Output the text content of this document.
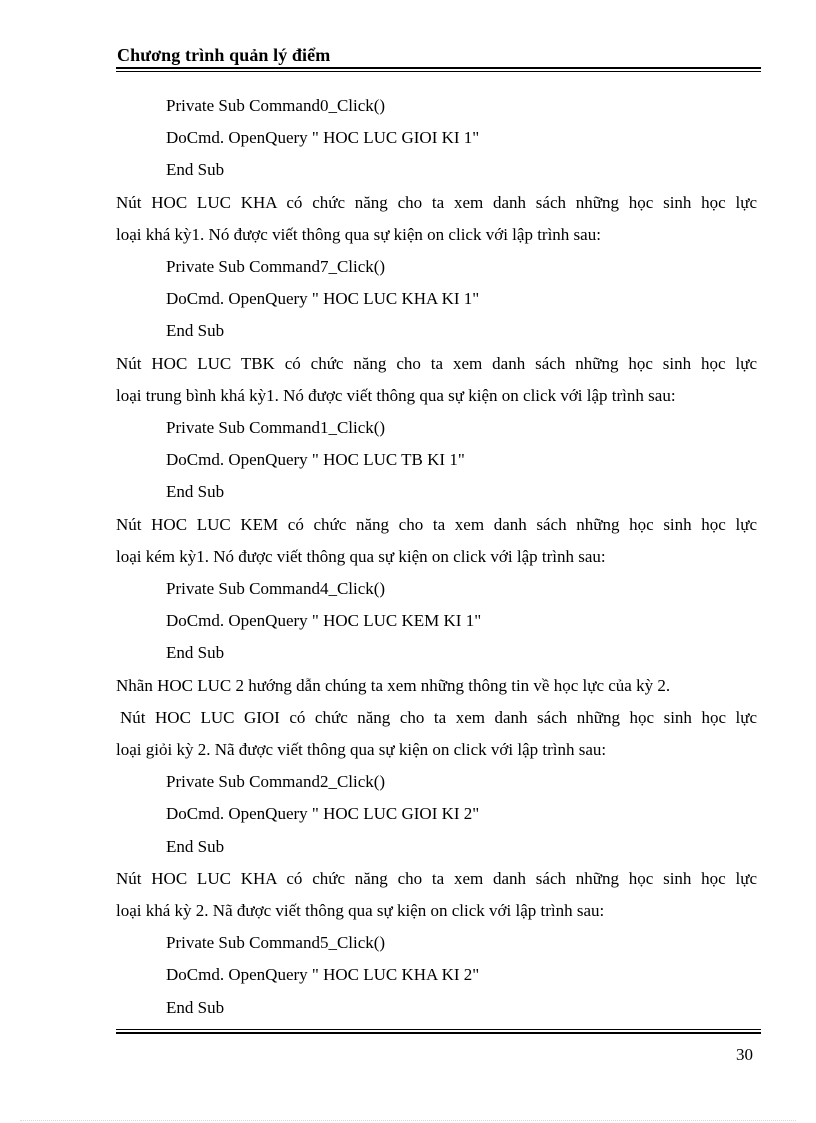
Chương trình quản lý điểm
Private Sub Command0_Click()
DoCmd. OpenQuery " HOC LUC GIOI KI 1"
End Sub
Nút HOC LUC KHA có chức năng cho ta xem danh sách những học sinh học lực
loại khá kỳ1. Nó được viết thông qua sự kiện on click với lập trình sau:
Private Sub Command7_Click()
DoCmd. OpenQuery " HOC LUC KHA KI 1"
End Sub
Nút HOC LUC TBK có chức năng cho ta xem danh sách những học sinh học lực
loại trung bình khá kỳ1. Nó được viết thông qua sự kiện on click với lập trình sau:
Private Sub Command1_Click()
DoCmd. OpenQuery " HOC LUC TB KI 1"
End Sub
Nút HOC LUC KEM có chức năng cho ta xem danh sách những học sinh học lực
loại kém kỳ1. Nó được viết thông qua sự kiện on click với lập trình sau:
Private Sub Command4_Click()
DoCmd. OpenQuery " HOC LUC KEM KI 1"
End Sub
Nhãn HOC LUC 2 hướng dẫn chúng ta xem những thông tin về học lực của kỳ 2.
Nút HOC LUC GIOI có chức năng cho ta xem danh sách những học sinh học lực
loại giỏi kỳ 2. Nã được viết thông qua sự kiện on click với lập trình sau:
Private Sub Command2_Click()
DoCmd. OpenQuery " HOC LUC GIOI KI 2"
End Sub
Nút HOC LUC KHA có chức năng cho ta xem danh sách những học sinh học lực
loại khá kỳ 2. Nã được viết thông qua sự kiện on click với lập trình sau:
Private Sub Command5_Click()
DoCmd. OpenQuery " HOC LUC KHA KI 2"
End Sub
30
